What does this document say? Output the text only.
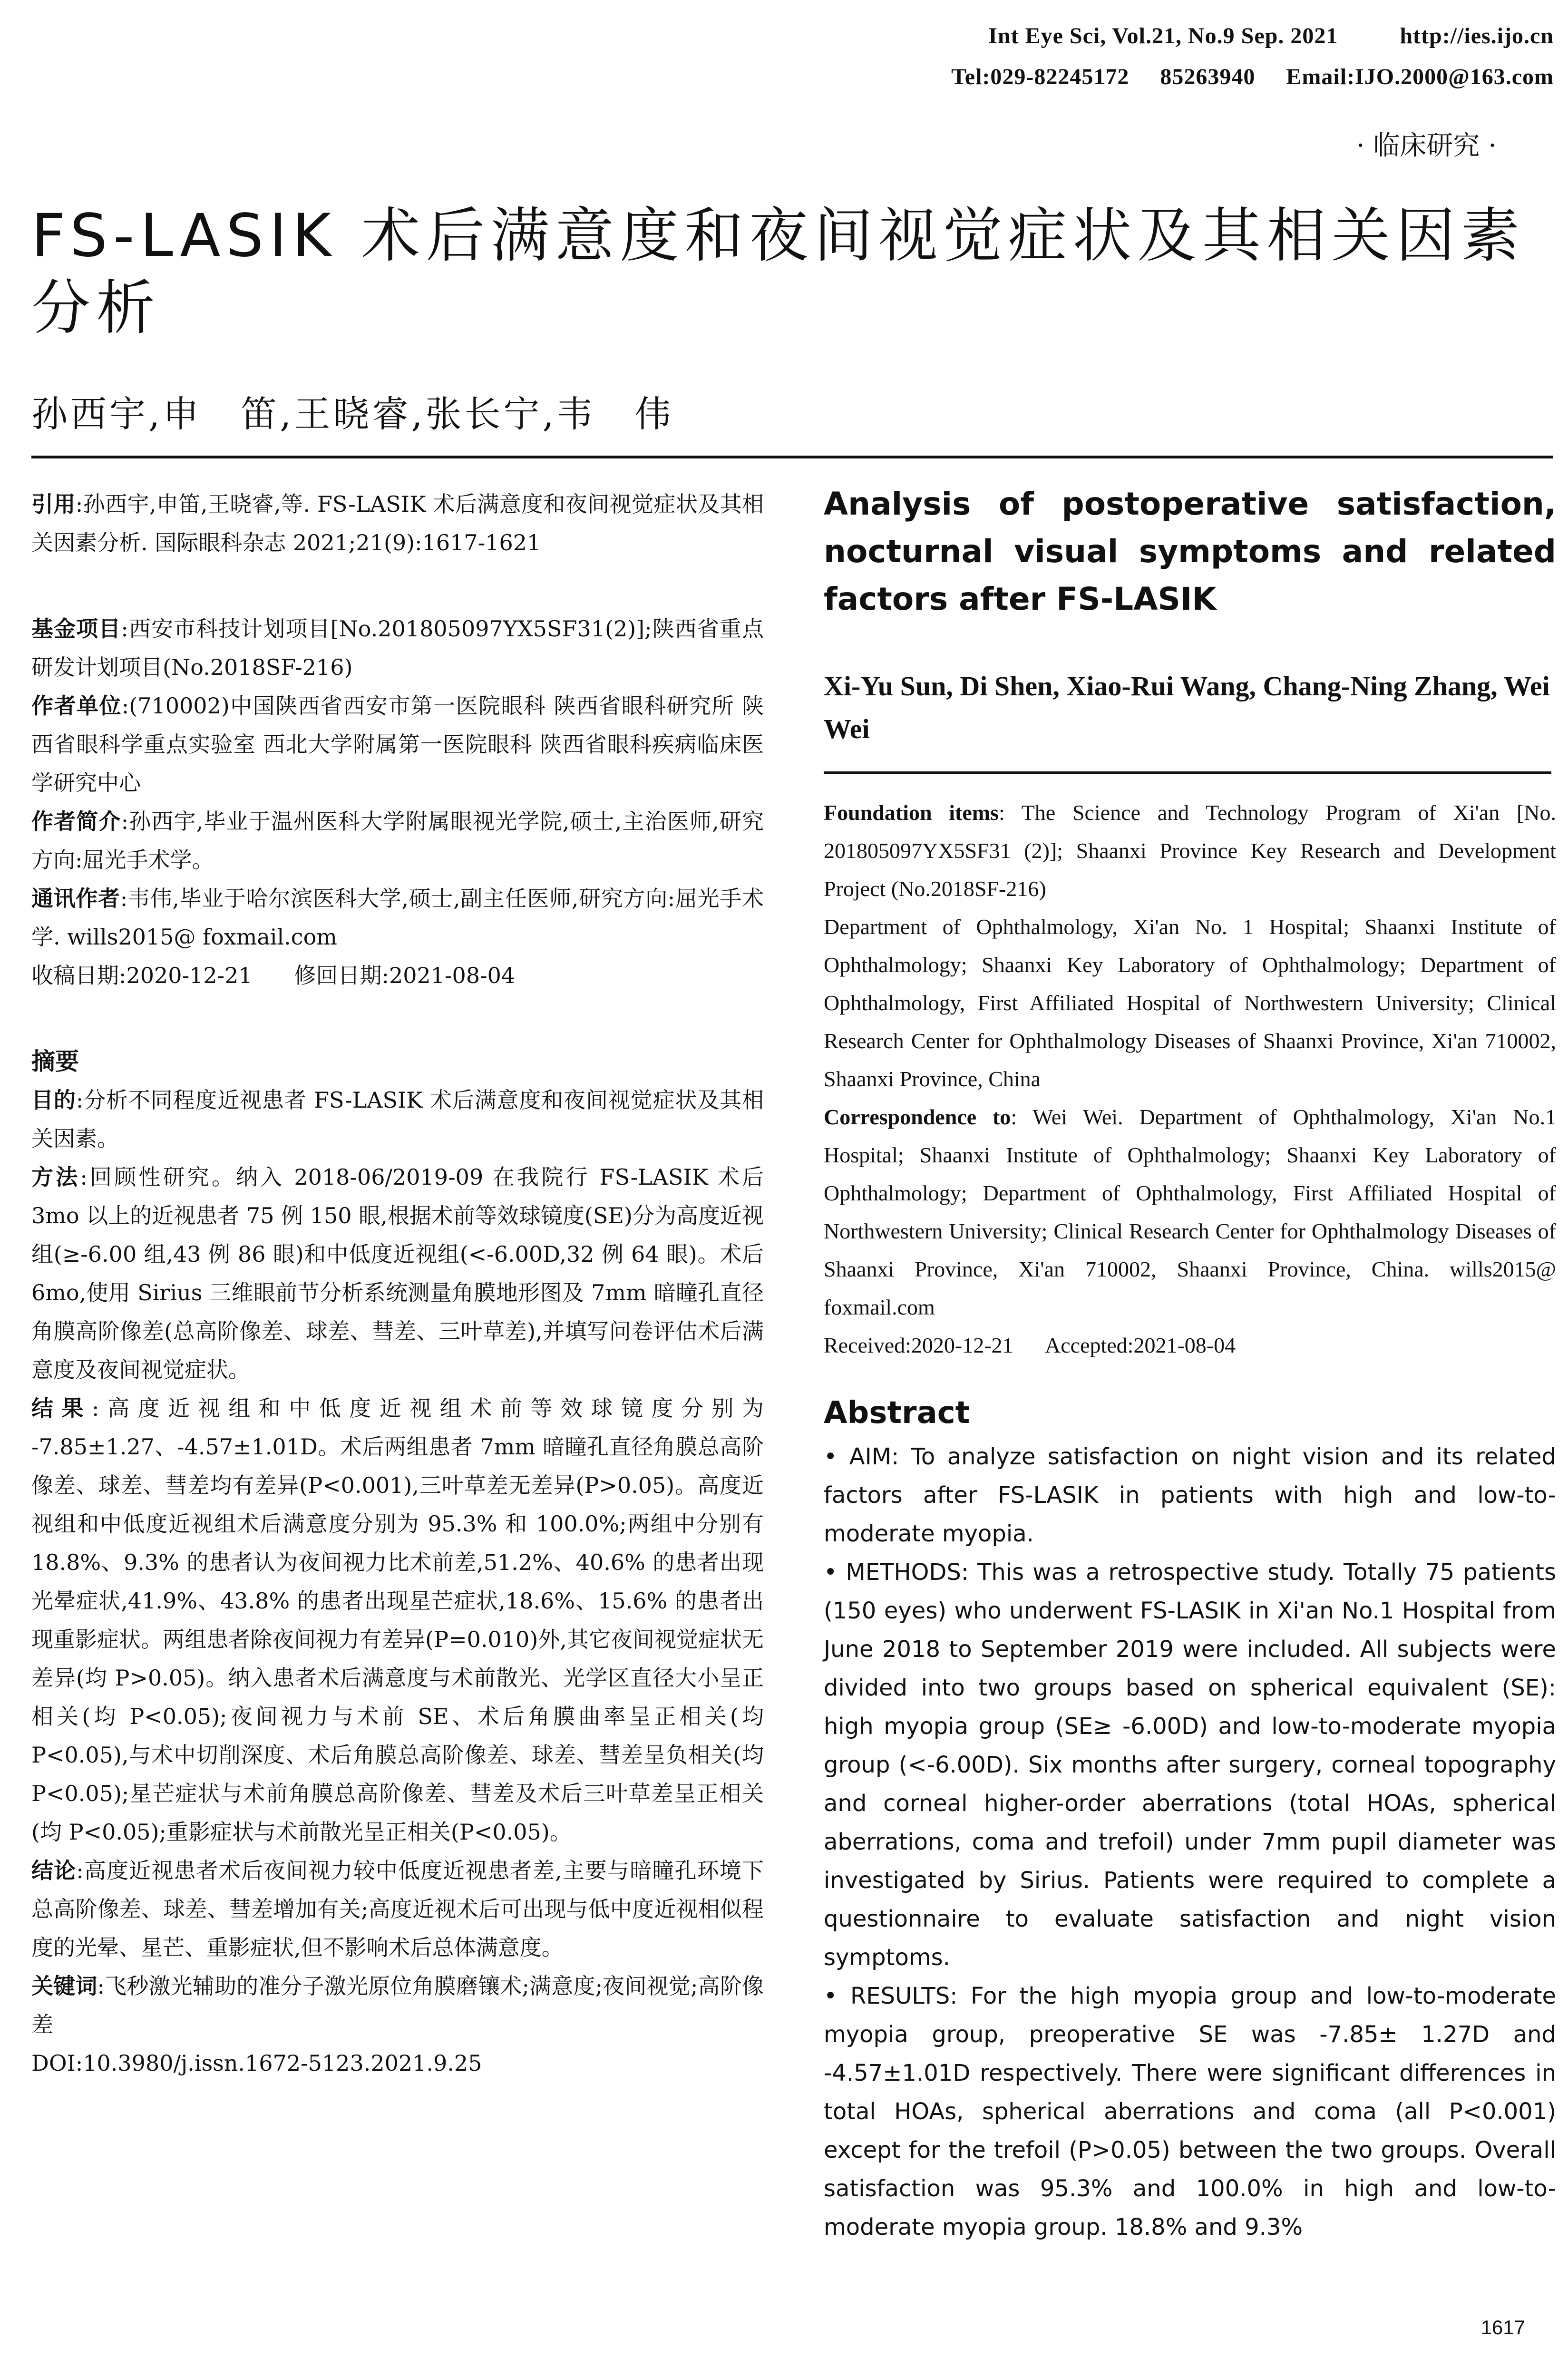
Int Eye Sci, Vol.21, No.9 Sep. 2021          http://ies.ijo.cn
Tel:029-82245172     85263940     Email:IJO.2000@163.com
· 临床研究 ·
FS-LASIK 术后满意度和夜间视觉症状及其相关因素分析
孙西宇,申　笛,王晓睿,张长宁,韦　伟

引用:孙西宇,申笛,王晓睿,等. FS-LASIK 术后满意度和夜间视觉症状及其相关因素分析. 国际眼科杂志 2021;21(9):1617-1621

基金项目:西安市科技计划项目[No.201805097YX5SF31(2)];陕西省重点研发计划项目(No.2018SF-216)

作者单位:(710002)中国陕西省西安市第一医院眼科 陕西省眼科研究所 陕西省眼科学重点实验室 西北大学附属第一医院眼科 陕西省眼科疾病临床医学研究中心

作者简介:孙西宇,毕业于温州医科大学附属眼视光学院,硕士,主治医师,研究方向:屈光手术学。

通讯作者:韦伟,毕业于哈尔滨医科大学,硕士,副主任医师,研究方向:屈光手术学. wills2015@ foxmail.com

收稿日期:2020-12-21      修回日期:2021-08-04

摘要

目的:分析不同程度近视患者 FS-LASIK 术后满意度和夜间视觉症状及其相关因素。

方法:回顾性研究。纳入 2018-06/2019-09 在我院行 FS-LASIK 术后 3mo 以上的近视患者 75 例 150 眼,根据术前等效球镜度(SE)分为高度近视组(≥-6.00 组,43 例 86 眼)和中低度近视组(<-6.00D,32 例 64 眼)。术后 6mo,使用 Sirius 三维眼前节分析系统测量角膜地形图及 7mm 暗瞳孔直径角膜高阶像差(总高阶像差、球差、彗差、三叶草差),并填写问卷评估术后满意度及夜间视觉症状。

结果:高度近视组和中低度近视组术前等效球镜度分别为 -7.85±1.27、-4.57±1.01D。术后两组患者 7mm 暗瞳孔直径角膜总高阶像差、球差、彗差均有差异(P<0.001),三叶草差无差异(P>0.05)。高度近视组和中低度近视组术后满意度分别为 95.3% 和 100.0%;两组中分别有 18.8%、9.3% 的患者认为夜间视力比术前差,51.2%、40.6% 的患者出现光晕症状,41.9%、43.8% 的患者出现星芒症状,18.6%、15.6% 的患者出现重影症状。两组患者除夜间视力有差异(P=0.010)外,其它夜间视觉症状无差异(均 P>0.05)。纳入患者术后满意度与术前散光、光学区直径大小呈正相关(均 P<0.05);夜间视力与术前 SE、术后角膜曲率呈正相关(均 P<0.05),与术中切削深度、术后角膜总高阶像差、球差、彗差呈负相关(均 P<0.05);星芒症状与术前角膜总高阶像差、彗差及术后三叶草差呈正相关(均 P<0.05);重影症状与术前散光呈正相关(P<0.05)。

结论:高度近视患者术后夜间视力较中低度近视患者差,主要与暗瞳孔环境下总高阶像差、球差、彗差增加有关;高度近视术后可出现与低中度近视相似程度的光晕、星芒、重影症状,但不影响术后总体满意度。

关键词:飞秒激光辅助的准分子激光原位角膜磨镶术;满意度;夜间视觉;高阶像差

DOI:10.3980/j.issn.1672-5123.2021.9.25

Analysis of postoperative satisfaction, nocturnal visual symptoms and related factors after FS-LASIK

Xi-Yu Sun, Di Shen, Xiao-Rui Wang, Chang-Ning Zhang, Wei Wei

Foundation items: The Science and Technology Program of Xi'an [No. 201805097YX5SF31 (2)]; Shaanxi Province Key Research and Development Project (No.2018SF-216)

Department of Ophthalmology, Xi'an No. 1 Hospital; Shaanxi Institute of Ophthalmology; Shaanxi Key Laboratory of Ophthalmology; Department of Ophthalmology, First Affiliated Hospital of Northwestern University; Clinical Research Center for Ophthalmology Diseases of Shaanxi Province, Xi'an 710002, Shaanxi Province, China

Correspondence to: Wei Wei. Department of Ophthalmology, Xi'an No.1 Hospital; Shaanxi Institute of Ophthalmology; Shaanxi Key Laboratory of Ophthalmology; Department of Ophthalmology, First Affiliated Hospital of Northwestern University; Clinical Research Center for Ophthalmology Diseases of Shaanxi Province, Xi'an 710002, Shaanxi Province, China. wills2015@ foxmail.com

Received:2020-12-21      Accepted:2021-08-04

Abstract

• AIM: To analyze satisfaction on night vision and its related factors after FS-LASIK in patients with high and low-to-moderate myopia.

• METHODS: This was a retrospective study. Totally 75 patients (150 eyes) who underwent FS-LASIK in Xi'an No.1 Hospital from June 2018 to September 2019 were included. All subjects were divided into two groups based on spherical equivalent (SE): high myopia group (SE≥ -6.00D) and low-to-moderate myopia group (<-6.00D). Six months after surgery, corneal topography and corneal higher-order aberrations (total HOAs, spherical aberrations, coma and trefoil) under 7mm pupil diameter was investigated by Sirius. Patients were required to complete a questionnaire to evaluate satisfaction and night vision symptoms.

• RESULTS: For the high myopia group and low-to-moderate myopia group, preoperative SE was -7.85± 1.27D and -4.57±1.01D respectively. There were significant differences in total HOAs, spherical aberrations and coma (all P<0.001) except for the trefoil (P>0.05) between the two groups. Overall satisfaction was 95.3% and 100.0% in high and low-to-moderate myopia group. 18.8% and 9.3%

1617
